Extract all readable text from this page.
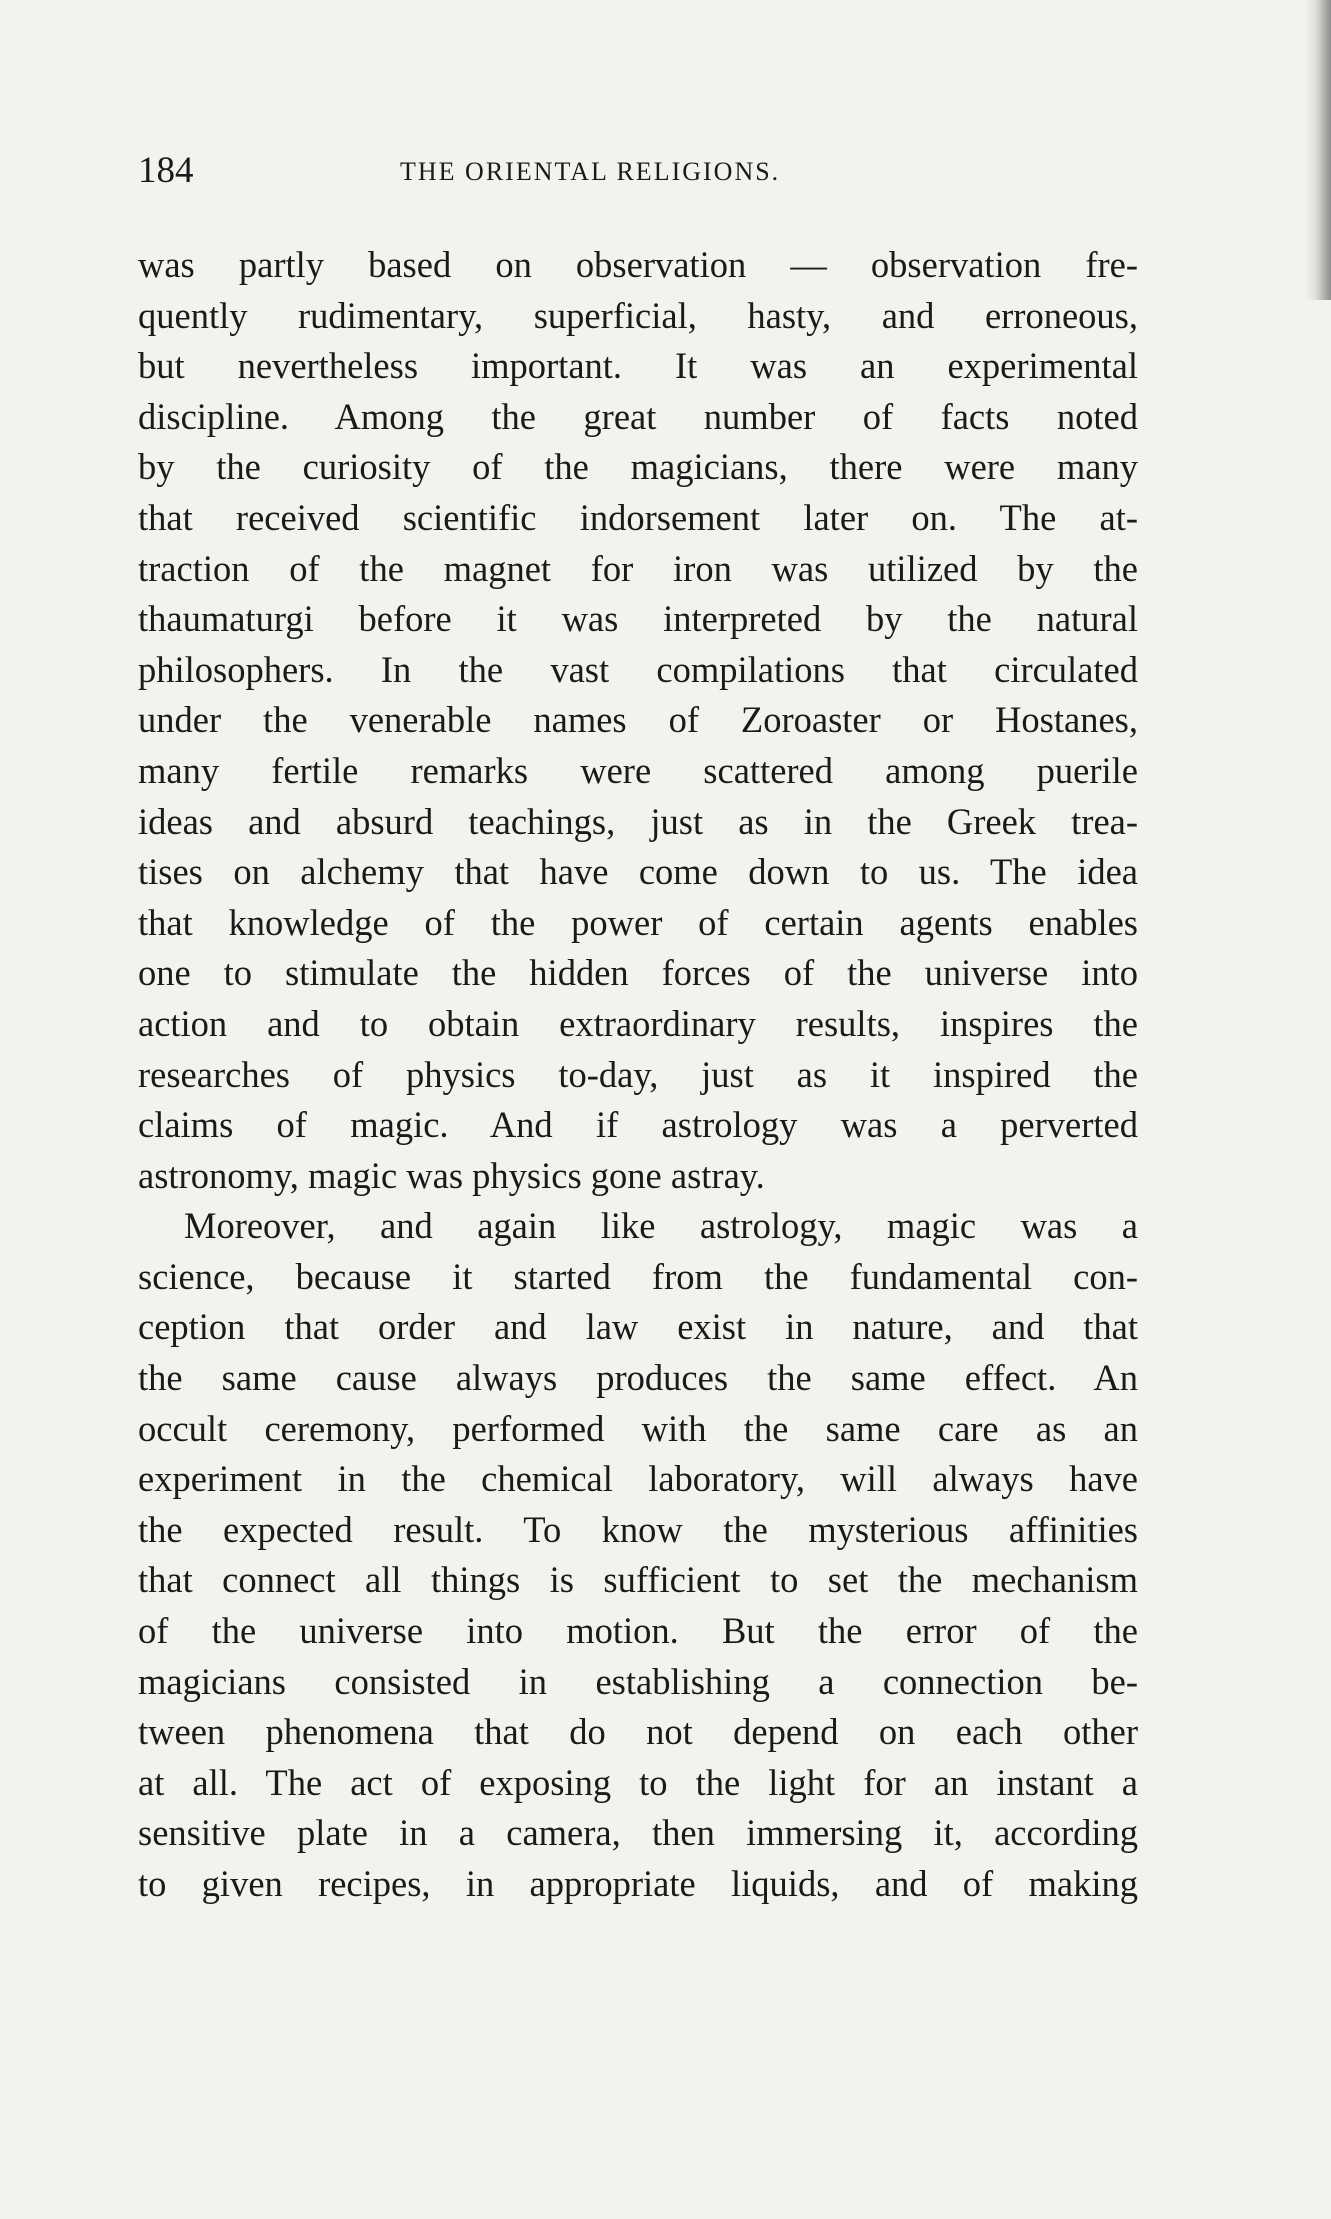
184	THE ORIENTAL RELIGIONS.
was partly based on observation — observation fre-
quently rudimentary, superficial, hasty, and erroneous,
but nevertheless important. It was an experimental
discipline. Among the great number of facts noted
by the curiosity of the magicians, there were many
that received scientific indorsement later on. The at-
traction of the magnet for iron was utilized by the
thaumaturgi before it was interpreted by the natural
philosophers. In the vast compilations that circulated
under the venerable names of Zoroaster or Hostanes,
many fertile remarks were scattered among puerile
ideas and absurd teachings, just as in the Greek trea-
tises on alchemy that have come down to us. The idea
that knowledge of the power of certain agents enables
one to stimulate the hidden forces of the universe into
action and to obtain extraordinary results, inspires the
researches of physics to-day, just as it inspired the
claims of magic. And if astrology was a perverted
astronomy, magic was physics gone astray.
Moreover, and again like astrology, magic was a
science, because it started from the fundamental con-
ception that order and law exist in nature, and that
the same cause always produces the same effect. An
occult ceremony, performed with the same care as an
experiment in the chemical laboratory, will always have
the expected result. To know the mysterious affinities
that connect all things is sufficient to set the mechanism
of the universe into motion. But the error of the
magicians consisted in establishing a connection be-
tween phenomena that do not depend on each other
at all. The act of exposing to the light for an instant a
sensitive plate in a camera, then immersing it, according
to given recipes, in appropriate liquids, and of making
